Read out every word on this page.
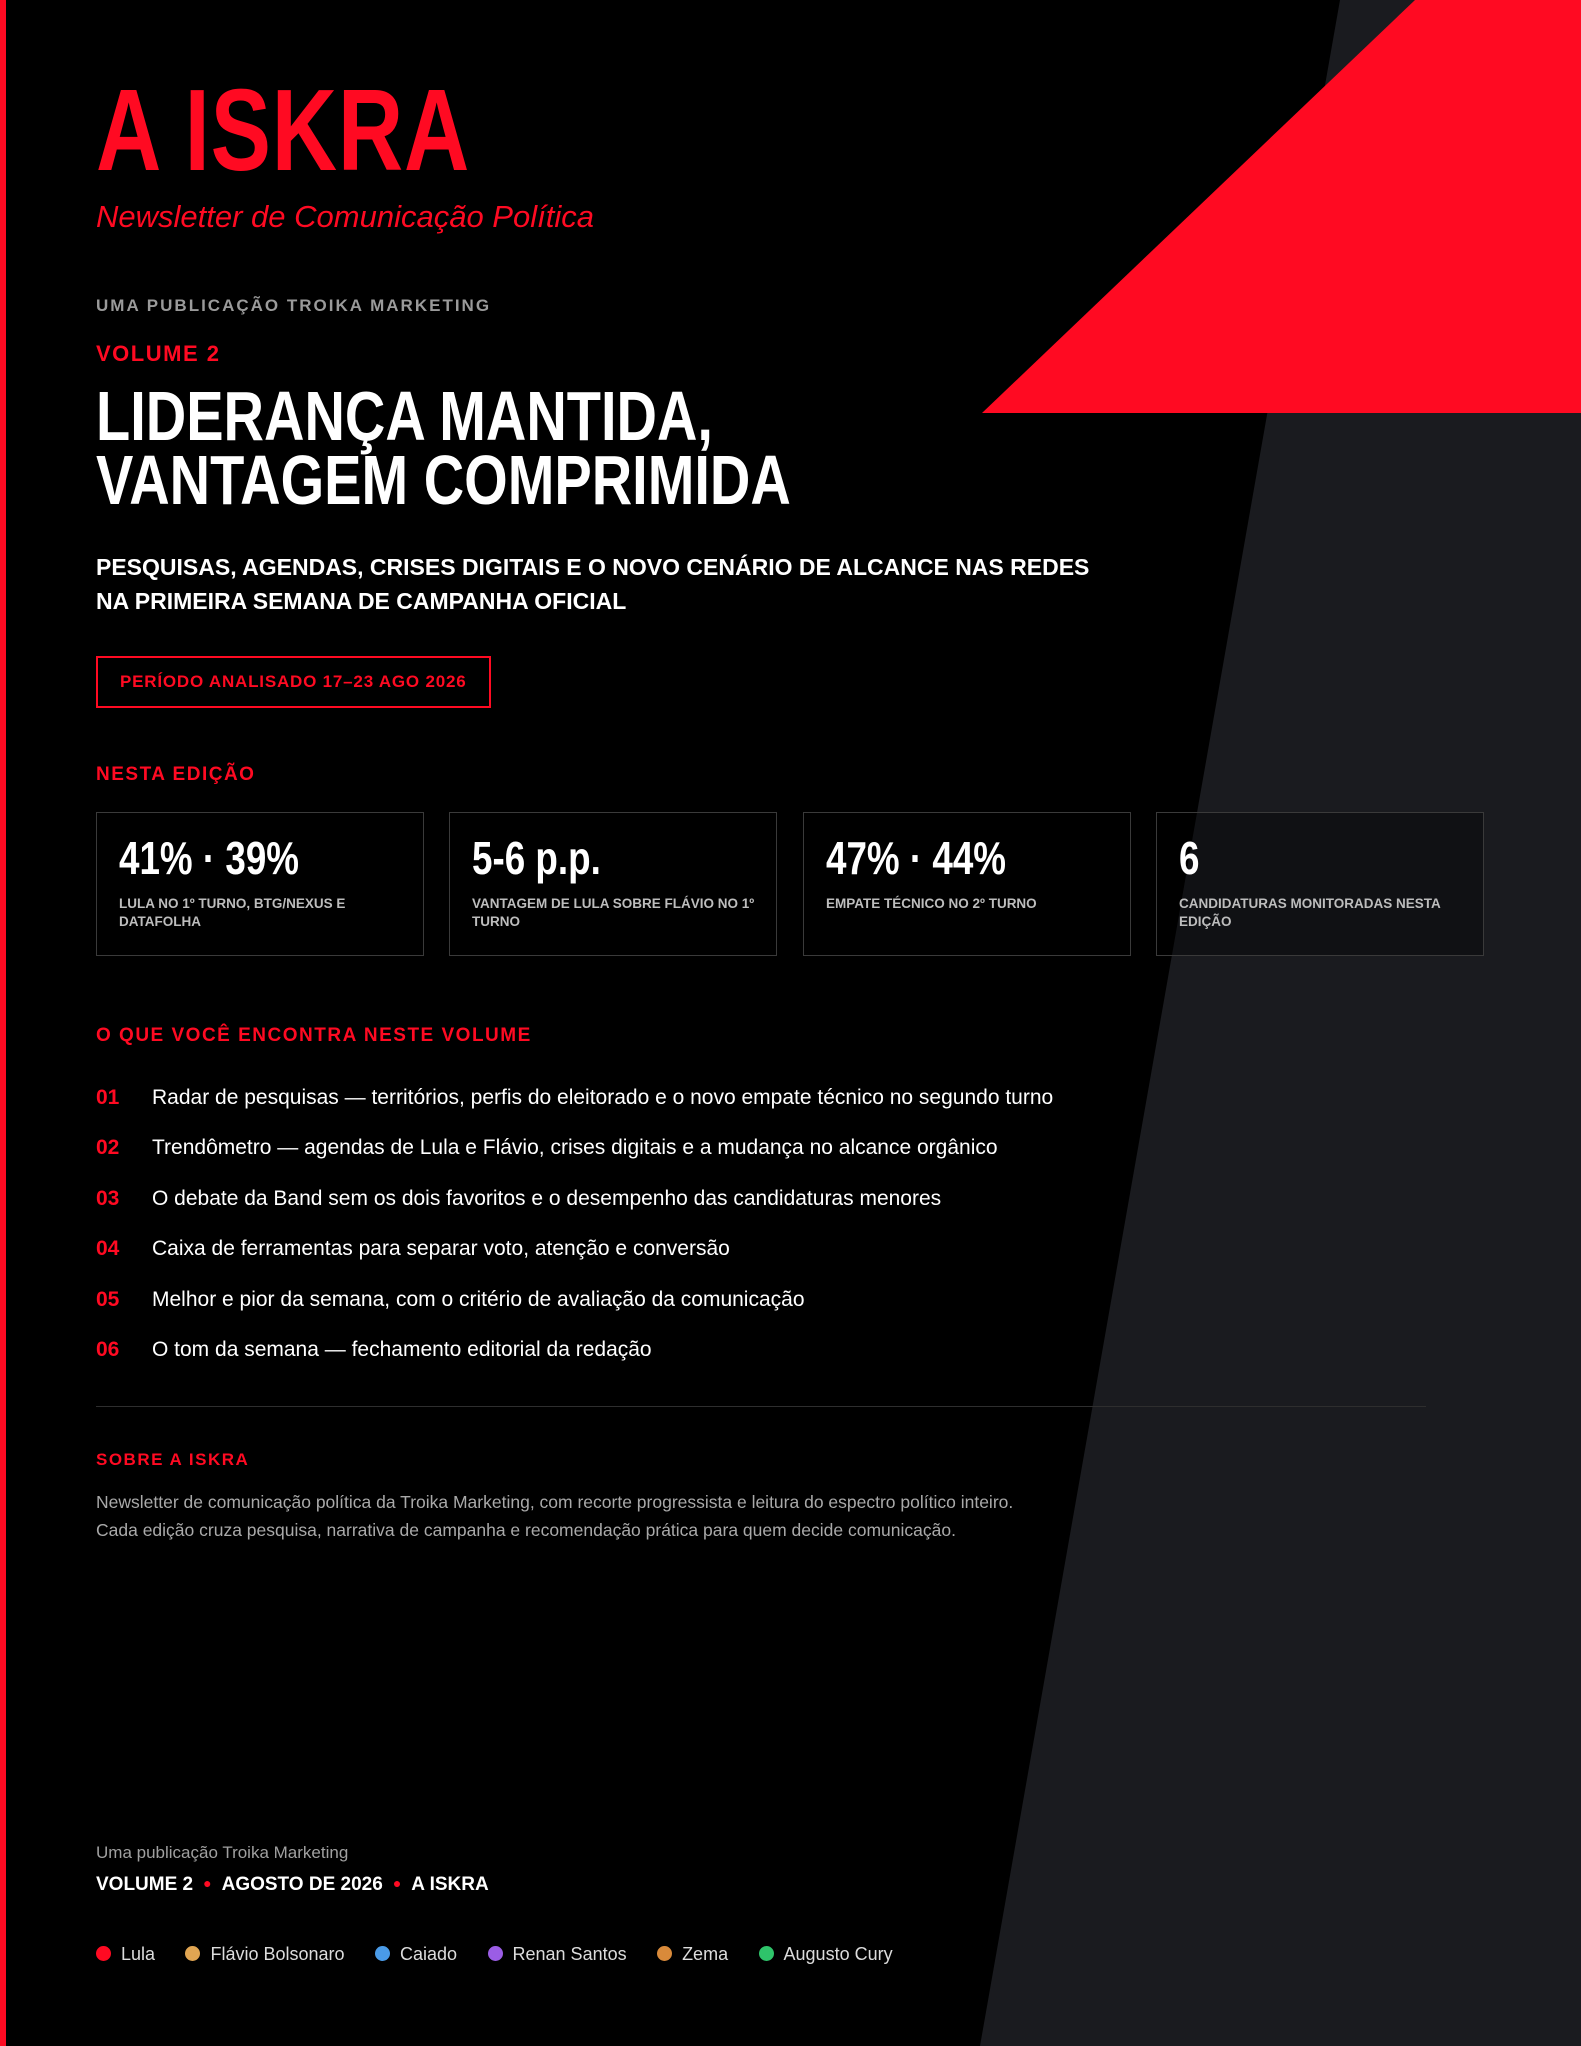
A ISKRA
Newsletter de Comunicação Política
UMA PUBLICAÇÃO TROIKA MARKETING
VOLUME 2
LIDERANÇA MANTIDA,
VANTAGEM COMPRIMIDA
PESQUISAS, AGENDAS, CRISES DIGITAIS E O NOVO CENÁRIO DE ALCANCE NAS REDES
NA PRIMEIRA SEMANA DE CAMPANHA OFICIAL
PERÍODO ANALISADO 17–23 AGO 2026
NESTA EDIÇÃO
41% · 39%
LULA NO 1º TURNO, BTG/NEXUS E DATAFOLHA
5-6 p.p.
VANTAGEM DE LULA SOBRE FLÁVIO NO 1º TURNO
47% · 44%
EMPATE TÉCNICO NO 2º TURNO
6
CANDIDATURAS MONITORADAS NESTA EDIÇÃO
O QUE VOCÊ ENCONTRA NESTE VOLUME
01 Radar de pesquisas — territórios, perfis do eleitorado e o novo empate técnico no segundo turno
02 Trendômetro — agendas de Lula e Flávio, crises digitais e a mudança no alcance orgânico
03 O debate da Band sem os dois favoritos e o desempenho das candidaturas menores
04 Caixa de ferramentas para separar voto, atenção e conversão
05 Melhor e pior da semana, com o critério de avaliação da comunicação
06 O tom da semana — fechamento editorial da redação
SOBRE A ISKRA
Newsletter de comunicação política da Troika Marketing, com recorte progressista e leitura do espectro político inteiro.
Cada edição cruza pesquisa, narrativa de campanha e recomendação prática para quem decide comunicação.
Uma publicação Troika Marketing
VOLUME 2 ● AGOSTO DE 2026 ● A ISKRA
Lula	Flávio Bolsonaro	Caiado	Renan Santos	Zema	Augusto Cury
